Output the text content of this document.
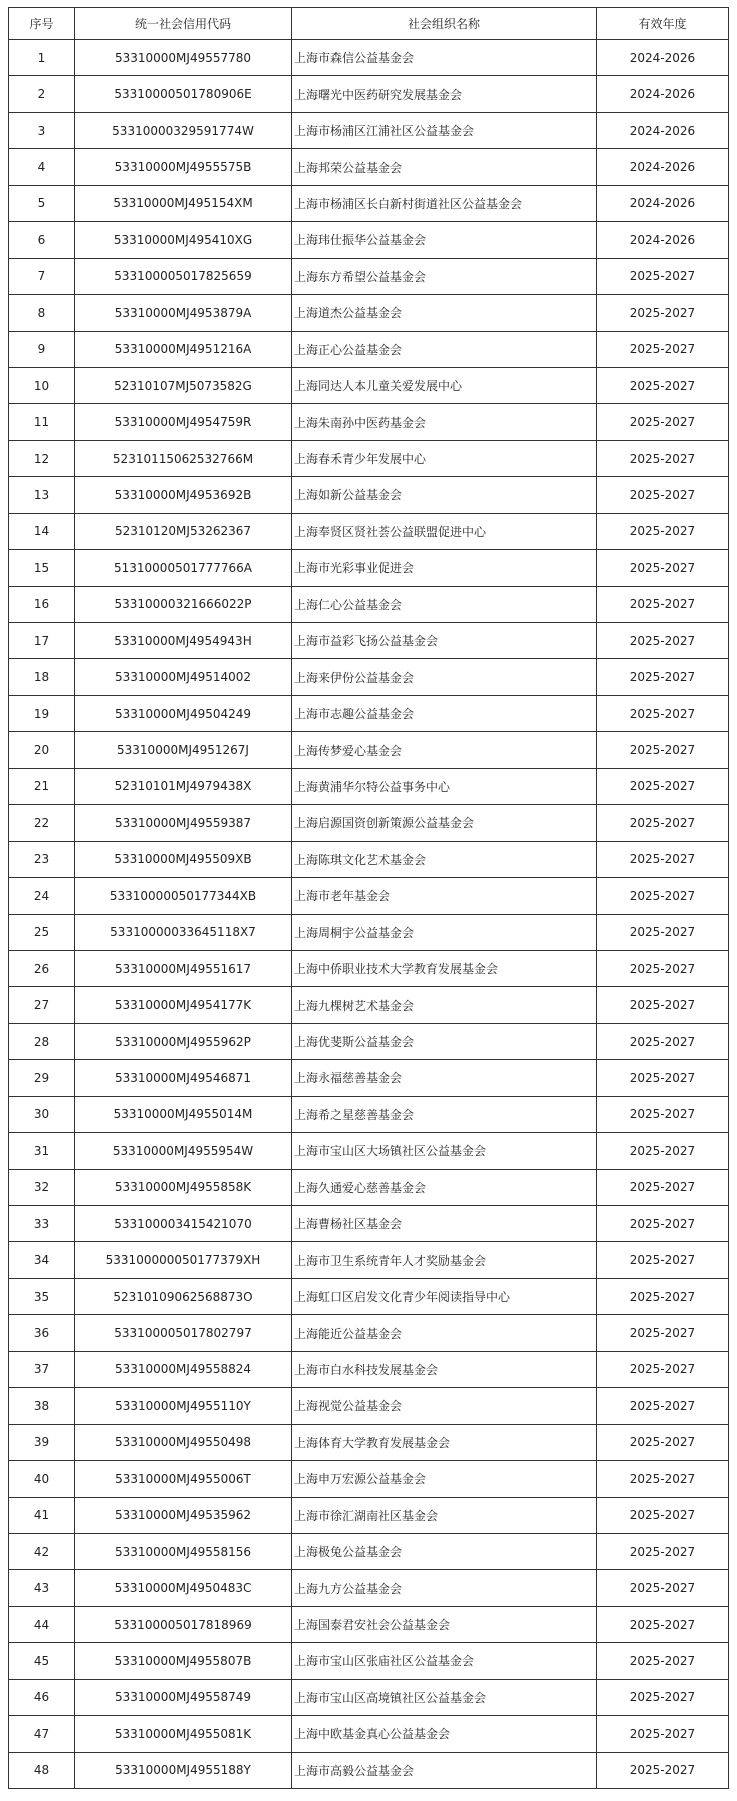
序号	统一社会信用代码	社会组织名称	有效年度
1	53310000MJ49557780	上海市森信公益基金会	2024-2026
2	53310000501780906E	上海曙光中医药研究发展基金会	2024-2026
3	53310000329591774W	上海市杨浦区江浦社区公益基金会	2024-2026
4	53310000MJ4955575B	上海邦荣公益基金会	2024-2026
5	53310000MJ495154XM	上海市杨浦区长白新村街道社区公益基金会	2024-2026
6	53310000MJ495410XG	上海玮仕振华公益基金会	2024-2026
7	533100005017825659	上海东方希望公益基金会	2025-2027
8	53310000MJ4953879A	上海道杰公益基金会	2025-2027
9	53310000MJ4951216A	上海正心公益基金会	2025-2027
10	52310107MJ5073582G	上海同达人本儿童关爱发展中心	2025-2027
11	53310000MJ4954759R	上海朱南孙中医药基金会	2025-2027
12	52310115062532766M	上海春禾青少年发展中心	2025-2027
13	53310000MJ4953692B	上海如新公益基金会	2025-2027
14	52310120MJ53262367	上海奉贤区贤社荟公益联盟促进中心	2025-2027
15	51310000501777766A	上海市光彩事业促进会	2025-2027
16	53310000321666022P	上海仁心公益基金会	2025-2027
17	53310000MJ4954943H	上海市益彩飞扬公益基金会	2025-2027
18	53310000MJ49514002	上海来伊份公益基金会	2025-2027
19	53310000MJ49504249	上海市志趣公益基金会	2025-2027
20	53310000MJ4951267J	上海传梦爱心基金会	2025-2027
21	52310101MJ4979438X	上海黄浦华尔特公益事务中心	2025-2027
22	53310000MJ49559387	上海启源国资创新策源公益基金会	2025-2027
23	53310000MJ495509XB	上海陈琪文化艺术基金会	2025-2027
24	53310000050177344XB	上海市老年基金会	2025-2027
25	53310000033645118X7	上海周桐宇公益基金会	2025-2027
26	53310000MJ49551617	上海中侨职业技术大学教育发展基金会	2025-2027
27	53310000MJ4954177K	上海九棵树艺术基金会	2025-2027
28	53310000MJ4955962P	上海优斐斯公益基金会	2025-2027
29	53310000MJ49546871	上海永福慈善基金会	2025-2027
30	53310000MJ4955014M	上海希之星慈善基金会	2025-2027
31	53310000MJ4955954W	上海市宝山区大场镇社区公益基金会	2025-2027
32	53310000MJ4955858K	上海久通爱心慈善基金会	2025-2027
33	533100003415421070	上海曹杨社区基金会	2025-2027
34	533100000050177379XH	上海市卫生系统青年人才奖励基金会	2025-2027
35	52310109062568873O	上海虹口区启发文化青少年阅读指导中心	2025-2027
36	533100005017802797	上海能近公益基金会	2025-2027
37	53310000MJ49558824	上海市白水科技发展基金会	2025-2027
38	53310000MJ4955110Y	上海视觉公益基金会	2025-2027
39	53310000MJ49550498	上海体育大学教育发展基金会	2025-2027
40	53310000MJ4955006T	上海申万宏源公益基金会	2025-2027
41	53310000MJ49535962	上海市徐汇湖南社区基金会	2025-2027
42	53310000MJ49558156	上海极兔公益基金会	2025-2027
43	53310000MJ4950483C	上海九方公益基金会	2025-2027
44	533100005017818969	上海国泰君安社会公益基金会	2025-2027
45	53310000MJ4955807B	上海市宝山区张庙社区公益基金会	2025-2027
46	53310000MJ49558749	上海市宝山区高境镇社区公益基金会	2025-2027
47	53310000MJ4955081K	上海中欧基金真心公益基金会	2025-2027
48	53310000MJ4955188Y	上海市高毅公益基金会	2025-2027
